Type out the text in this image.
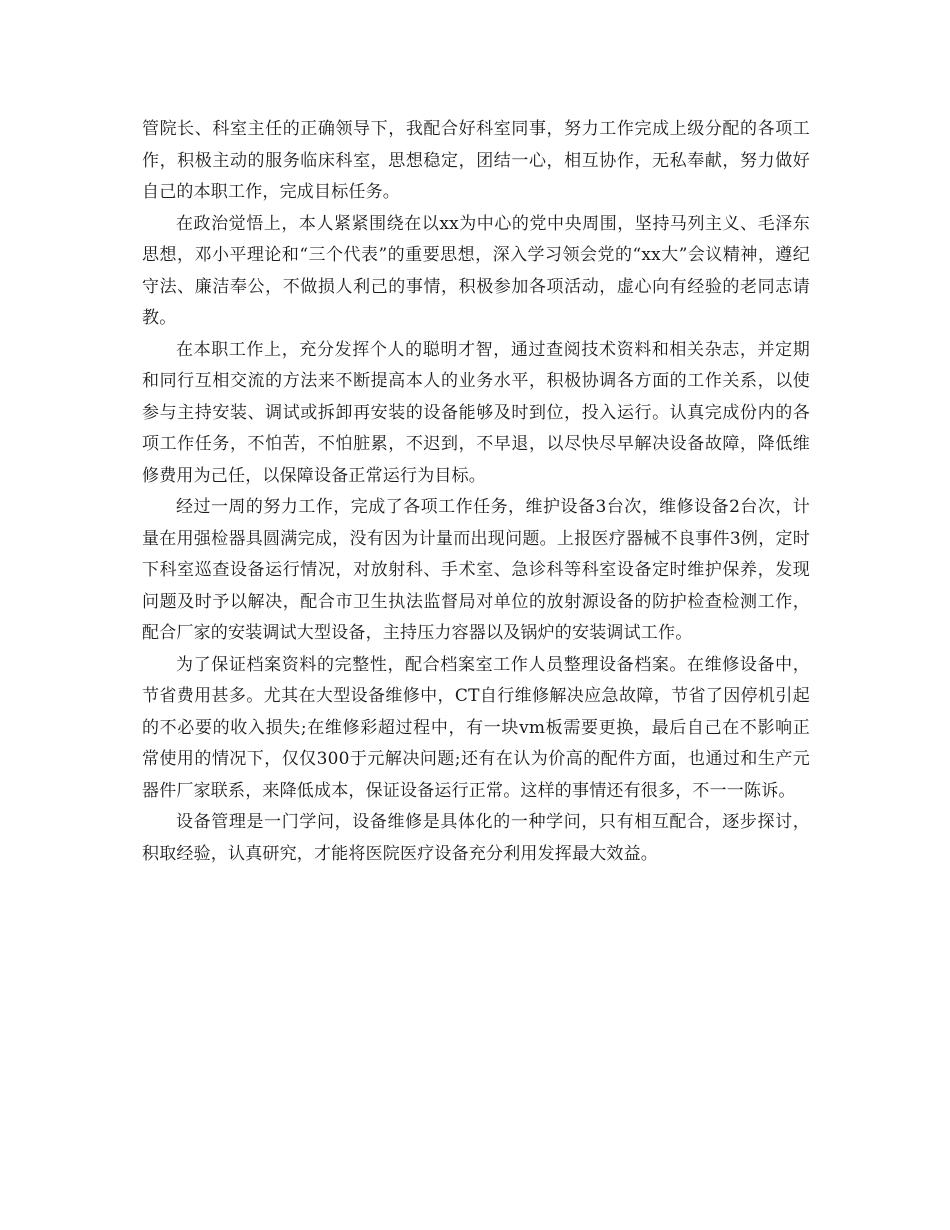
管院长、科室主任的正确领导下，我配合好科室同事，努力工作完成上级分配的各项工作，积极主动的服务临床科室，思想稳定，团结一心，相互协作，无私奉献，努力做好自己的本职工作，完成目标任务。

在政治觉悟上，本人紧紧围绕在以xx为中心的党中央周围，坚持马列主义、毛泽东思想，邓小平理论和“三个代表”的重要思想，深入学习领会党的“xx大”会议精神，遵纪守法、廉洁奉公，不做损人利己的事情，积极参加各项活动，虚心向有经验的老同志请教。

在本职工作上，充分发挥个人的聪明才智，通过查阅技术资料和相关杂志，并定期和同行互相交流的方法来不断提高本人的业务水平，积极协调各方面的工作关系，以使参与主持安装、调试或拆卸再安装的设备能够及时到位，投入运行。认真完成份内的各项工作任务，不怕苦，不怕脏累，不迟到，不早退，以尽快尽早解决设备故障，降低维修费用为己任，以保障设备正常运行为目标。

经过一周的努力工作，完成了各项工作任务，维护设备3台次，维修设备2台次，计量在用强检器具圆满完成，没有因为计量而出现问题。上报医疗器械不良事件3例，定时下科室巡查设备运行情况，对放射科、手术室、急诊科等科室设备定时维护保养，发现问题及时予以解决，配合市卫生执法监督局对单位的放射源设备的防护检查检测工作，配合厂家的安装调试大型设备，主持压力容器以及锅炉的安装调试工作。

为了保证档案资料的完整性，配合档案室工作人员整理设备档案。在维修设备中，节省费用甚多。尤其在大型设备维修中，CT自行维修解决应急故障，节省了因停机引起的不必要的收入损失;在维修彩超过程中，有一块vm板需要更换，最后自己在不影响正常使用的情况下，仅仅300于元解决问题;还有在认为价高的配件方面，也通过和生产元器件厂家联系，来降低成本，保证设备运行正常。这样的事情还有很多，不一一陈诉。

设备管理是一门学问，设备维修是具体化的一种学问，只有相互配合，逐步探讨，积取经验，认真研究，才能将医院医疗设备充分利用发挥最大效益。
